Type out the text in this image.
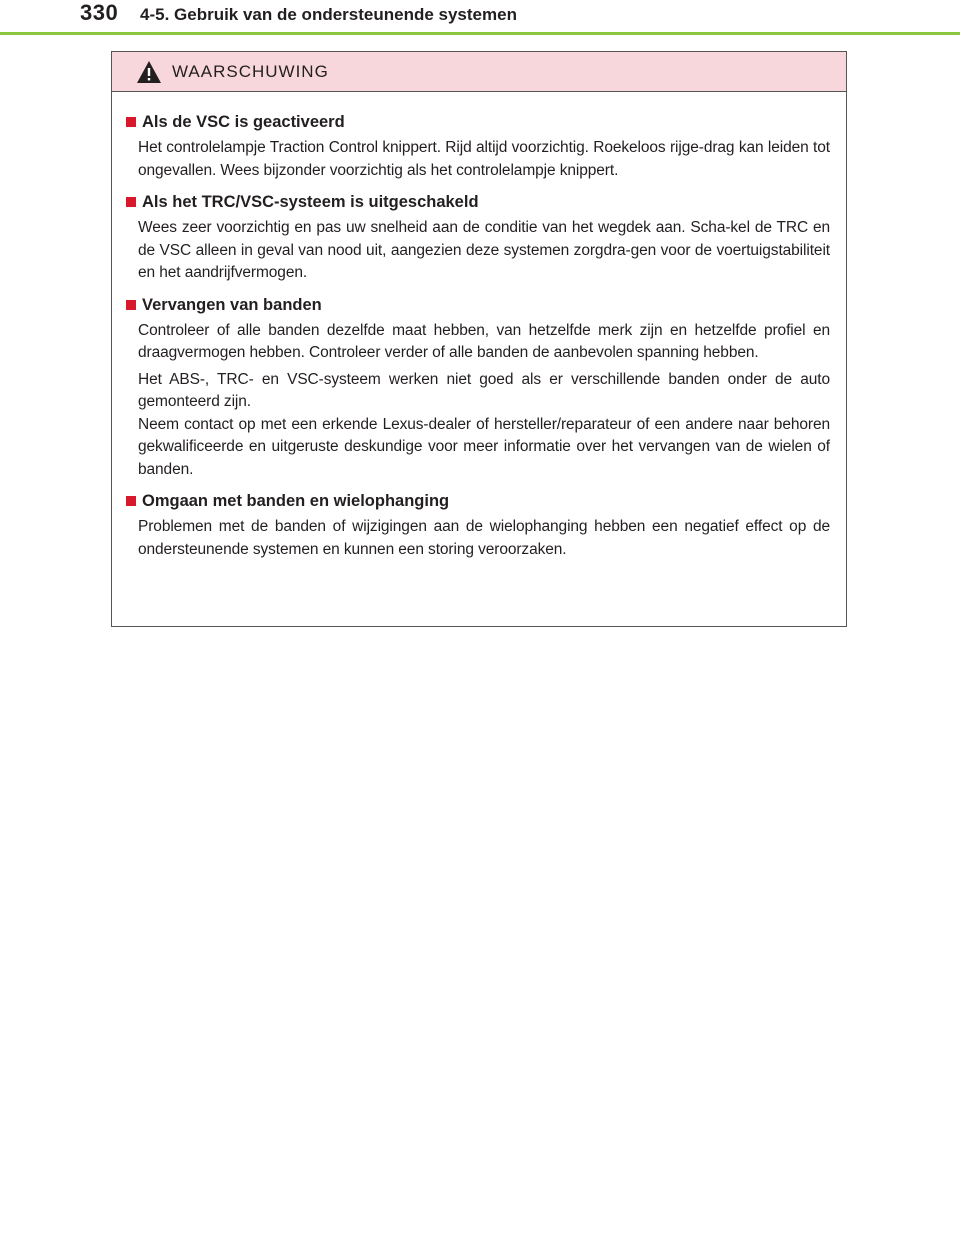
330 4-5. Gebruik van de ondersteunende systemen
WAARSCHUWING
Als de VSC is geactiveerd

Het controlelampje Traction Control knippert. Rijd altijd voorzichtig. Roekeloos rijge-drag kan leiden tot ongevallen. Wees bijzonder voorzichtig als het controlelampje knippert.

Als het TRC/VSC-systeem is uitgeschakeld

Wees zeer voorzichtig en pas uw snelheid aan de conditie van het wegdek aan. Scha-kel de TRC en de VSC alleen in geval van nood uit, aangezien deze systemen zorgdra-gen voor de voertuigstabiliteit en het aandrijfvermogen.

Vervangen van banden

Controleer of alle banden dezelfde maat hebben, van hetzelfde merk zijn en hetzelfde profiel en draagvermogen hebben. Controleer verder of alle banden de aanbevolen spanning hebben.

Het ABS-, TRC- en VSC-systeem werken niet goed als er verschillende banden onder de auto gemonteerd zijn.

Neem contact op met een erkende Lexus-dealer of hersteller/reparateur of een andere naar behoren gekwalificeerde en uitgeruste deskundige voor meer informatie over het vervangen van de wielen of banden.

Omgaan met banden en wielophanging

Problemen met de banden of wijzigingen aan de wielophanging hebben een negatief effect op de ondersteunende systemen en kunnen een storing veroorzaken.
